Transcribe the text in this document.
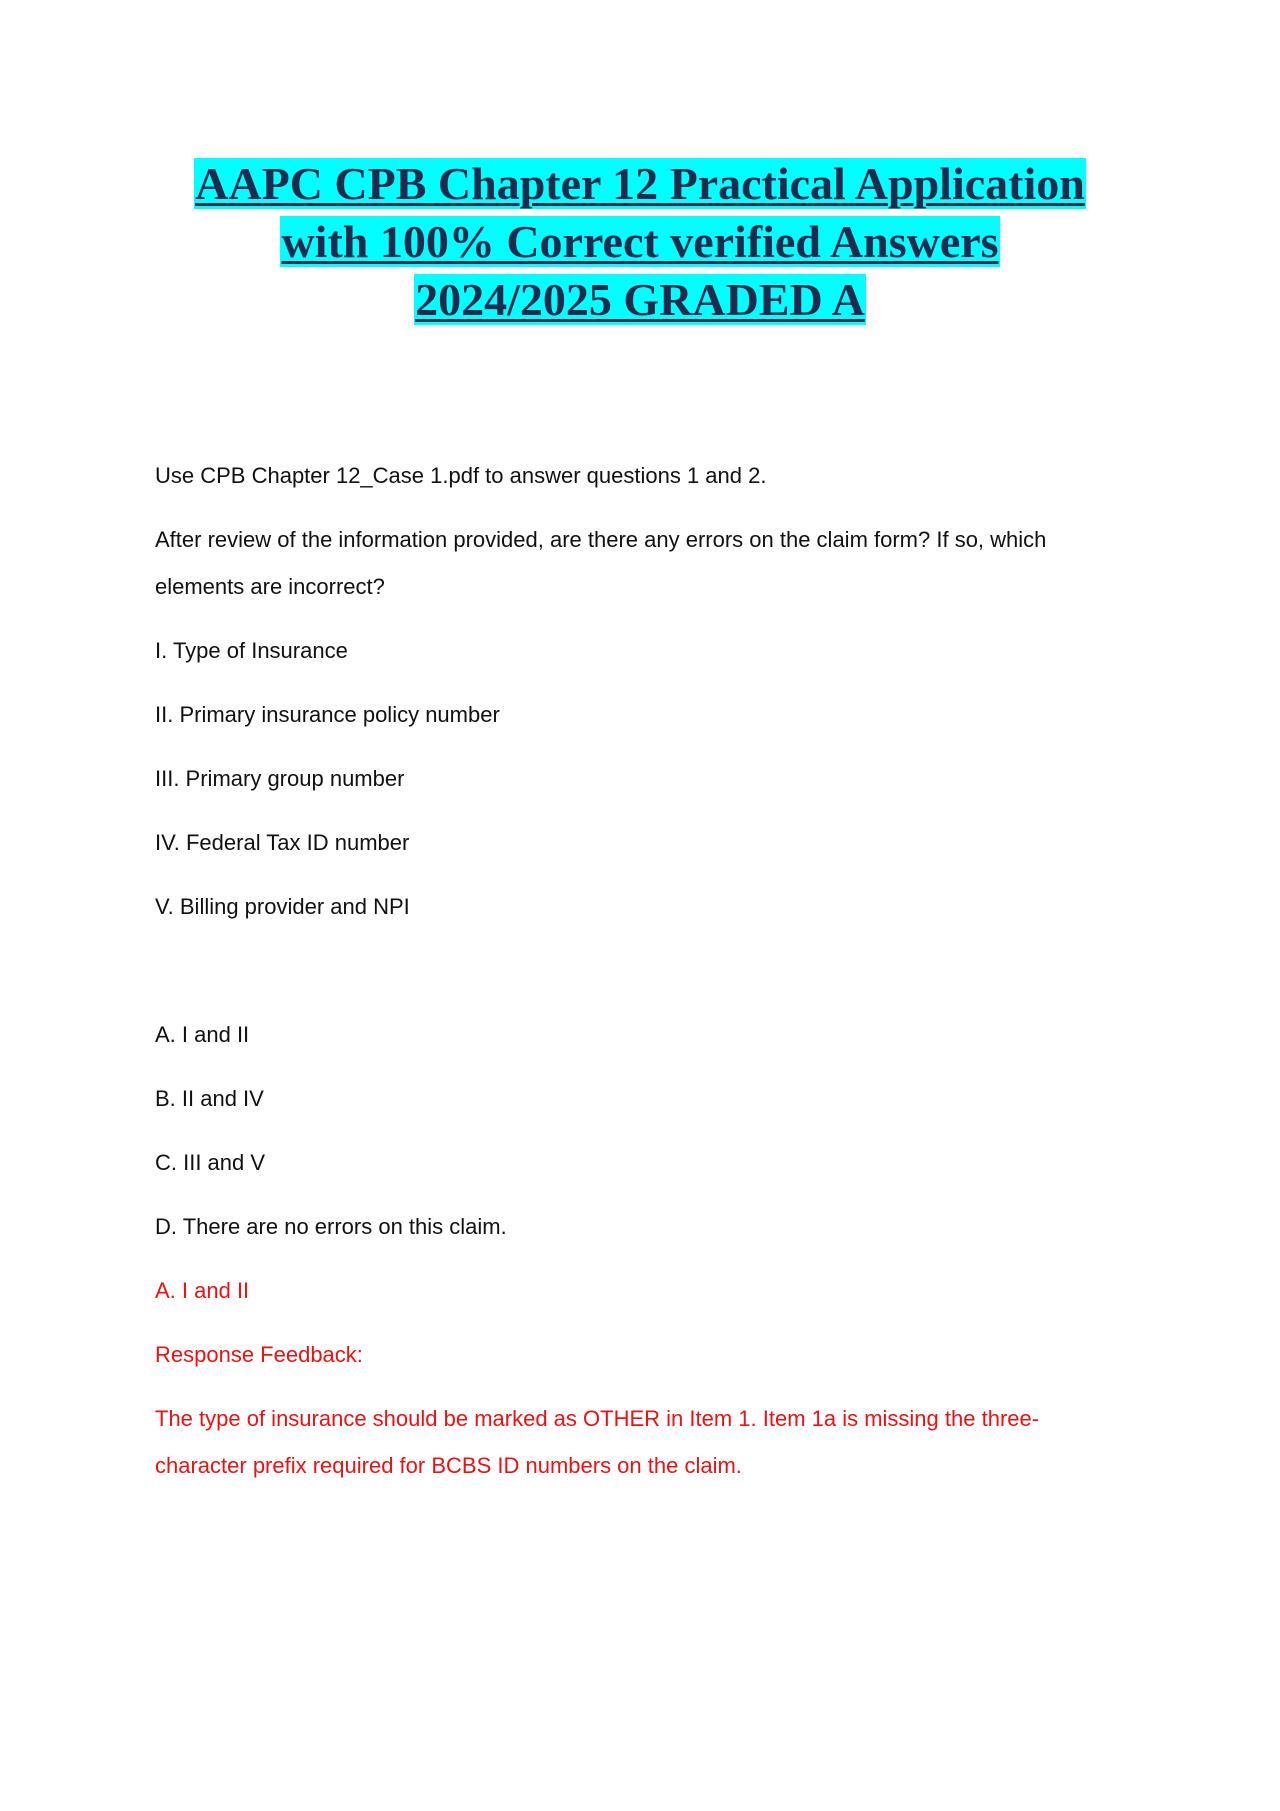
AAPC CPB Chapter 12 Practical Application
with 100% Correct verified Answers
2024/2025 GRADED A

Use CPB Chapter 12_Case 1.pdf to answer questions 1 and 2.

After review of the information provided, are there any errors on the claim form? If so, which elements are incorrect?

I. Type of Insurance

II. Primary insurance policy number

III. Primary group number

IV. Federal Tax ID number

V. Billing provider and NPI

A. I and II

B. II and IV

C. III and V

D. There are no errors on this claim.

A. I and II

Response Feedback:

The type of insurance should be marked as OTHER in Item 1. Item 1a is missing the three-character prefix required for BCBS ID numbers on the claim.
